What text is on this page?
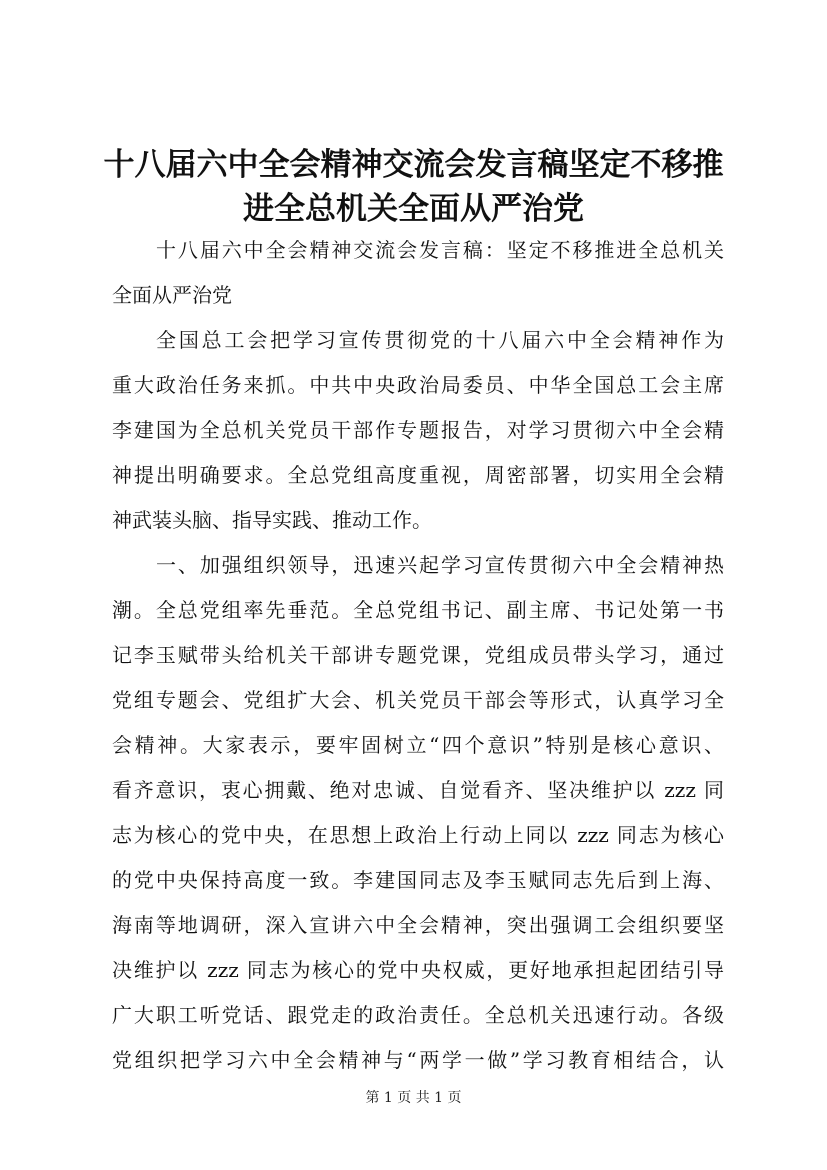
十八届六中全会精神交流会发言稿坚定不移推
进全总机关全面从严治党
十八届六中全会精神交流会发言稿：坚定不移推进全总机关
全面从严治党
全国总工会把学习宣传贯彻党的十八届六中全会精神作为
重大政治任务来抓。中共中央政治局委员、中华全国总工会主席
李建国为全总机关党员干部作专题报告，对学习贯彻六中全会精
神提出明确要求。全总党组高度重视，周密部署，切实用全会精
神武装头脑、指导实践、推动工作。
一、加强组织领导，迅速兴起学习宣传贯彻六中全会精神热
潮。全总党组率先垂范。全总党组书记、副主席、书记处第一书
记李玉赋带头给机关干部讲专题党课，党组成员带头学习，通过
党组专题会、党组扩大会、机关党员干部会等形式，认真学习全
会精神。大家表示，要牢固树立“四个意识”特别是核心意识、
看齐意识，衷心拥戴、绝对忠诚、自觉看齐、坚决维护以 zzz 同
志为核心的党中央，在思想上政治上行动上同以 zzz 同志为核心
的党中央保持高度一致。李建国同志及李玉赋同志先后到上海、
海南等地调研，深入宣讲六中全会精神，突出强调工会组织要坚
决维护以 zzz 同志为核心的党中央权威，更好地承担起团结引导
广大职工听党话、跟党走的政治责任。全总机关迅速行动。各级
党组织把学习六中全会精神与“两学一做”学习教育相结合，认
第 1 页 共 1 页
